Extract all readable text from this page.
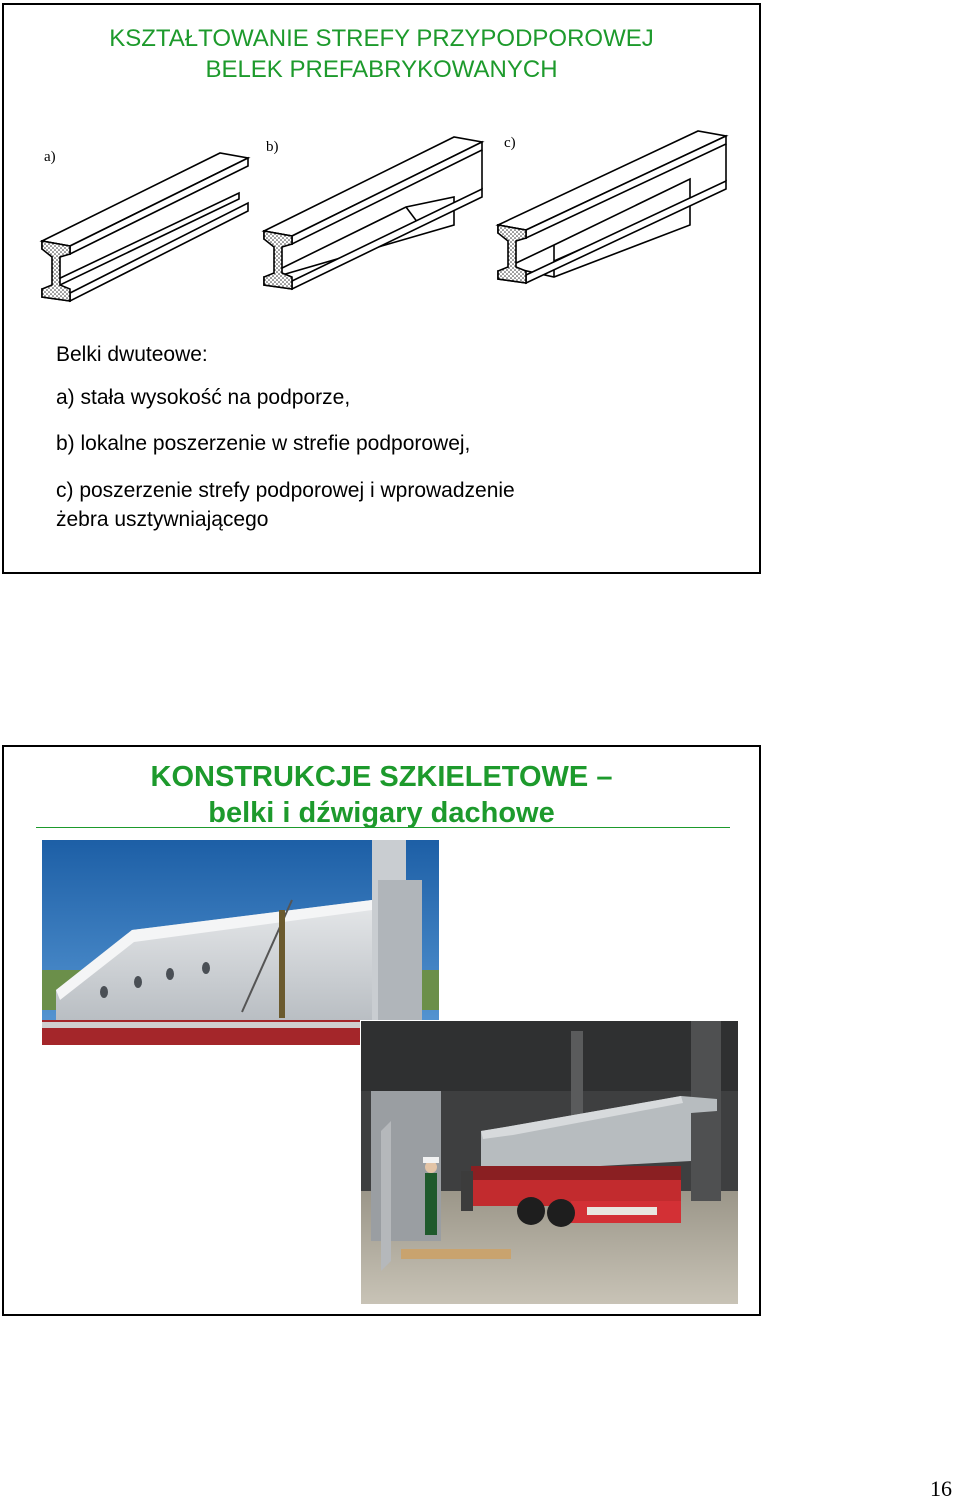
KSZTAŁTOWANIE STREFY PRZYPODPOROWEJ
BELEK PREFABRYKOWANYCH
a)
b)	c)
Belki dwuteowe:
a) stała wysokość na podporze,
b) lokalne poszerzenie w strefie podporowej,
c) poszerzenie strefy podporowej i wprowadzenie
żebra usztywniającego
KONSTRUKCJE SZKIELETOWE –
belki i dźwigary dachowe
16
